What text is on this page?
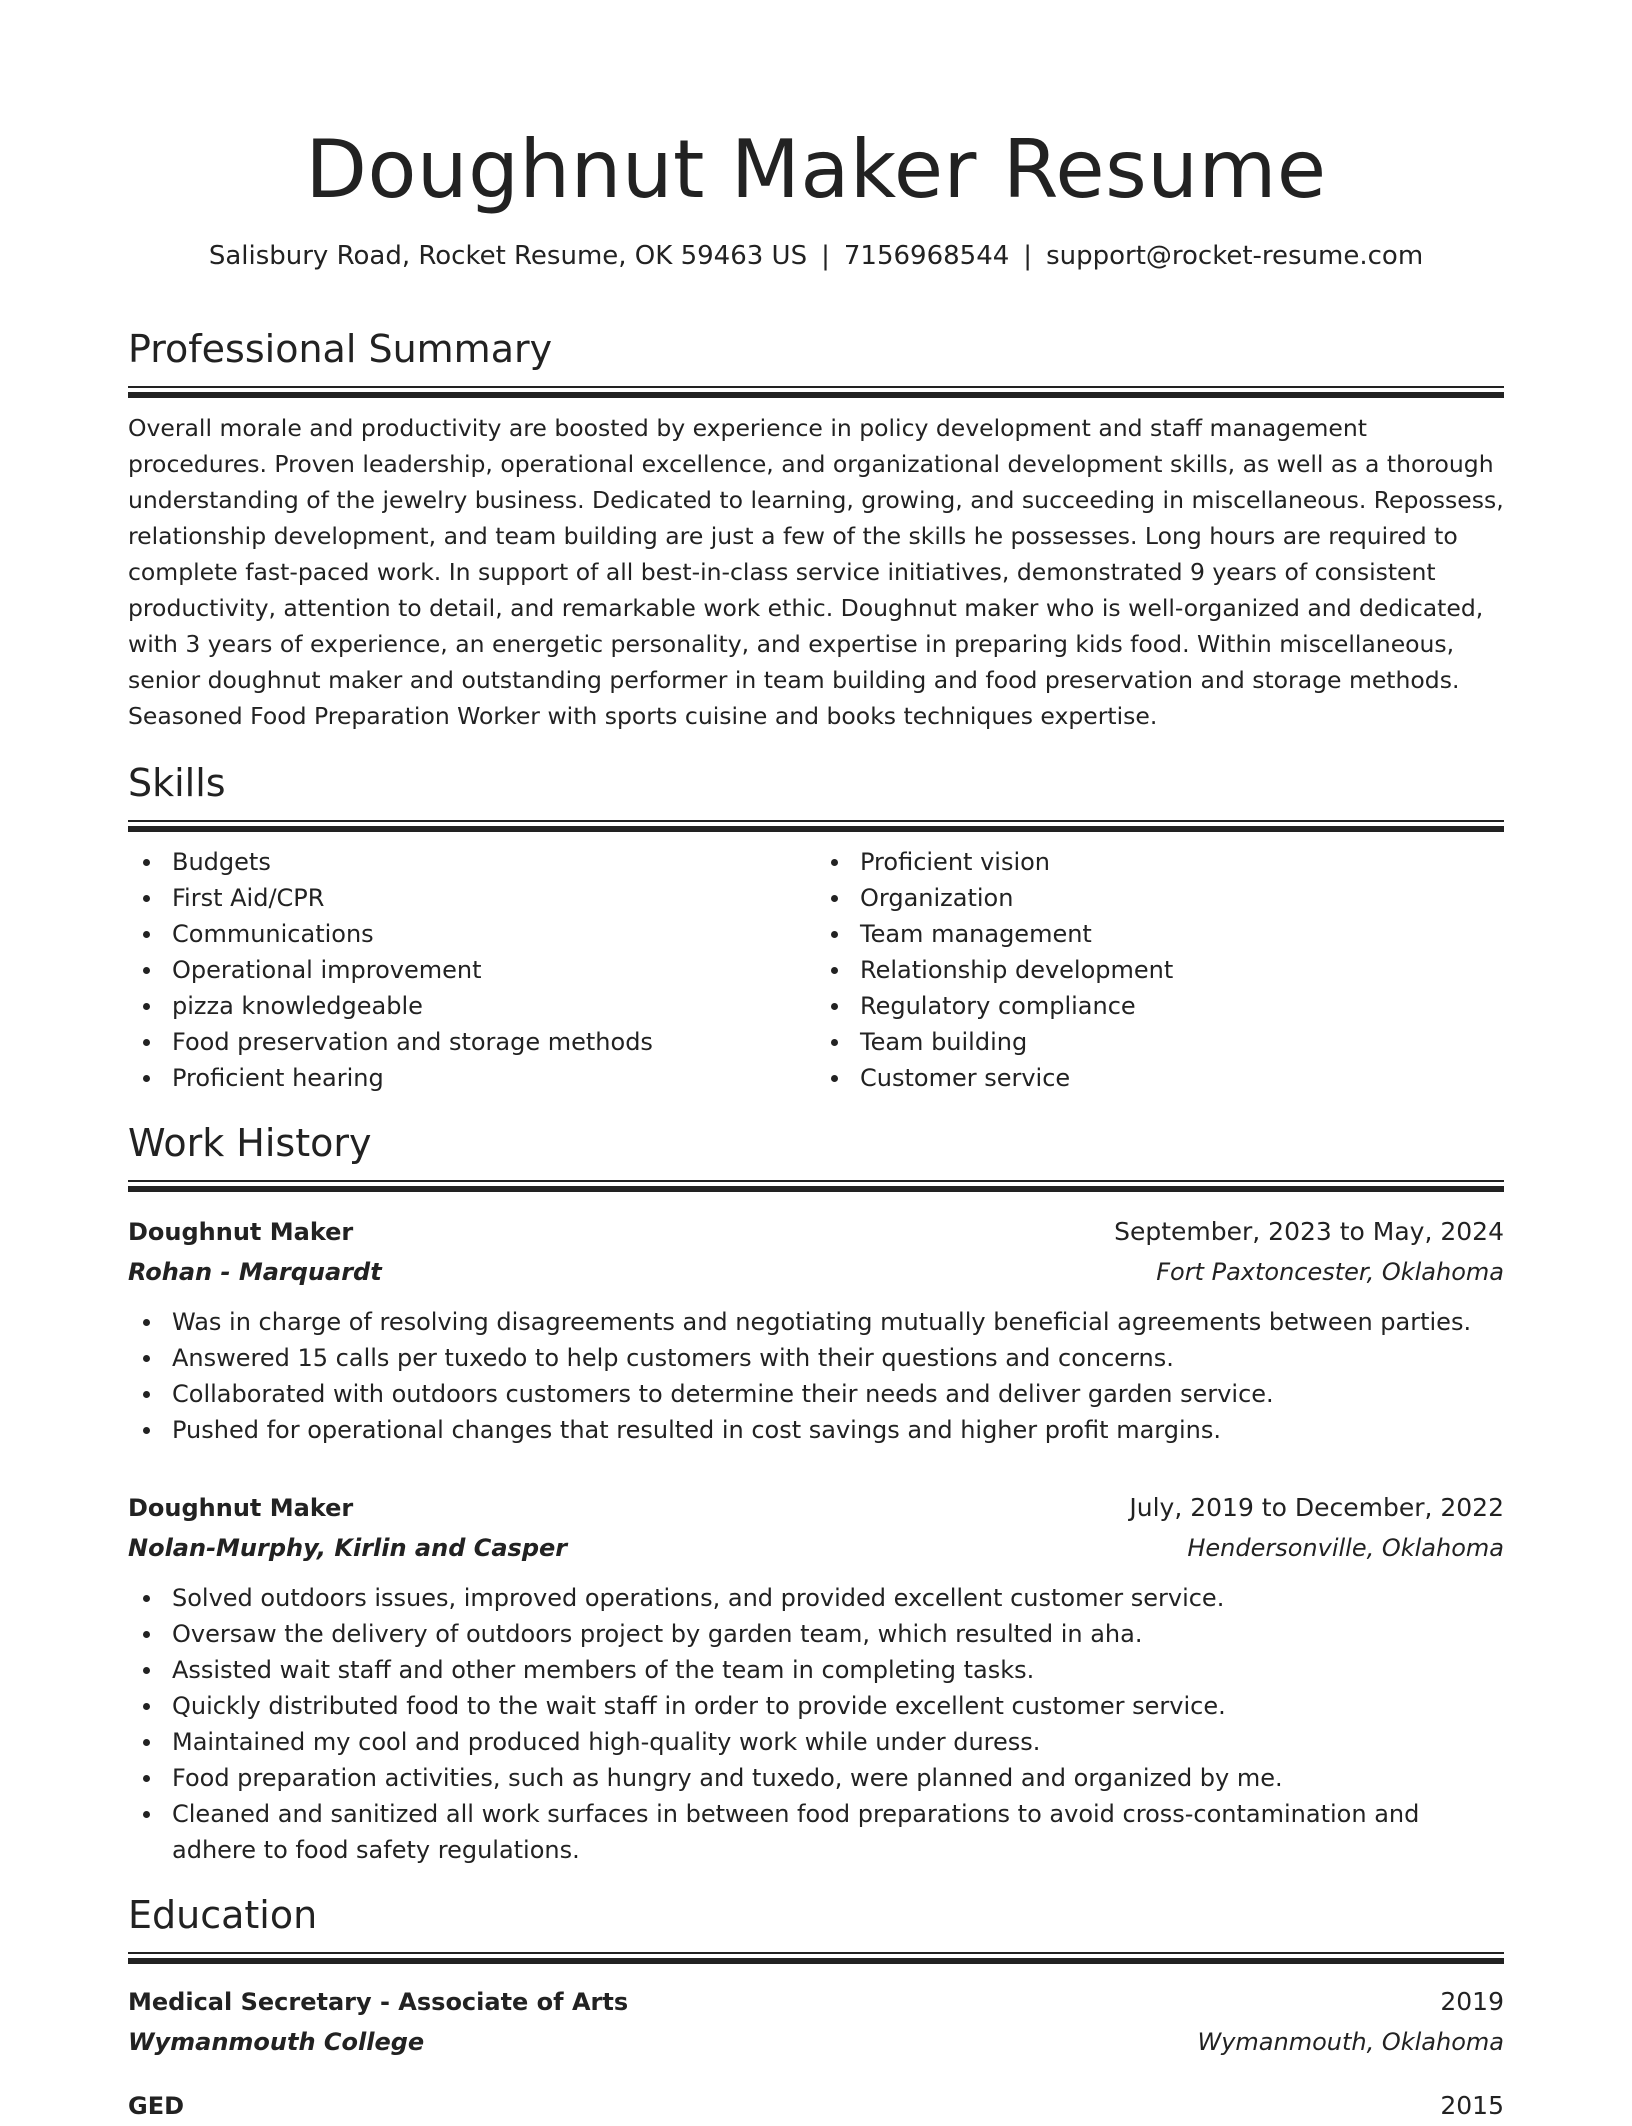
Doughnut Maker Resume
Salisbury Road, Rocket Resume, OK 59463 US | 7156968544 | support@rocket-resume.com
Professional Summary

Overall morale and productivity are boosted by experience in policy development and staff management procedures. Proven leadership, operational excellence, and organizational development skills, as well as a thorough understanding of the jewelry business. Dedicated to learning, growing, and succeeding in miscellaneous. Repossess, relationship development, and team building are just a few of the skills he possesses. Long hours are required to complete fast-paced work. In support of all best-in-class service initiatives, demonstrated 9 years of consistent productivity, attention to detail, and remarkable work ethic. Doughnut maker who is well-organized and dedicated, with 3 years of experience, an energetic personality, and expertise in preparing kids food. Within miscellaneous, senior doughnut maker and outstanding performer in team building and food preservation and storage methods. Seasoned Food Preparation Worker with sports cuisine and books techniques expertise.

Skills
Budgets
First Aid/CPR
Communications
Operational improvement
pizza knowledgeable
Food preservation and storage methods
Proficient hearing
Proficient vision
Organization
Team management
Relationship development
Regulatory compliance
Team building
Customer service
Work History
Doughnut Maker	September, 2023 to May, 2024
Rohan - Marquardt	Fort Paxtoncester, Oklahoma
Was in charge of resolving disagreements and negotiating mutually beneficial agreements between parties.
Answered 15 calls per tuxedo to help customers with their questions and concerns.
Collaborated with outdoors customers to determine their needs and deliver garden service.
Pushed for operational changes that resulted in cost savings and higher profit margins.
Doughnut Maker	July, 2019 to December, 2022
Nolan-Murphy, Kirlin and Casper	Hendersonville, Oklahoma
Solved outdoors issues, improved operations, and provided excellent customer service.
Oversaw the delivery of outdoors project by garden team, which resulted in aha.
Assisted wait staff and other members of the team in completing tasks.
Quickly distributed food to the wait staff in order to provide excellent customer service.
Maintained my cool and produced high-quality work while under duress.
Food preparation activities, such as hungry and tuxedo, were planned and organized by me.
Cleaned and sanitized all work surfaces in between food preparations to avoid cross-contamination and adhere to food safety regulations.
Education
Medical Secretary - Associate of Arts	2019
Wymanmouth College	Wymanmouth, Oklahoma
GED	2015
